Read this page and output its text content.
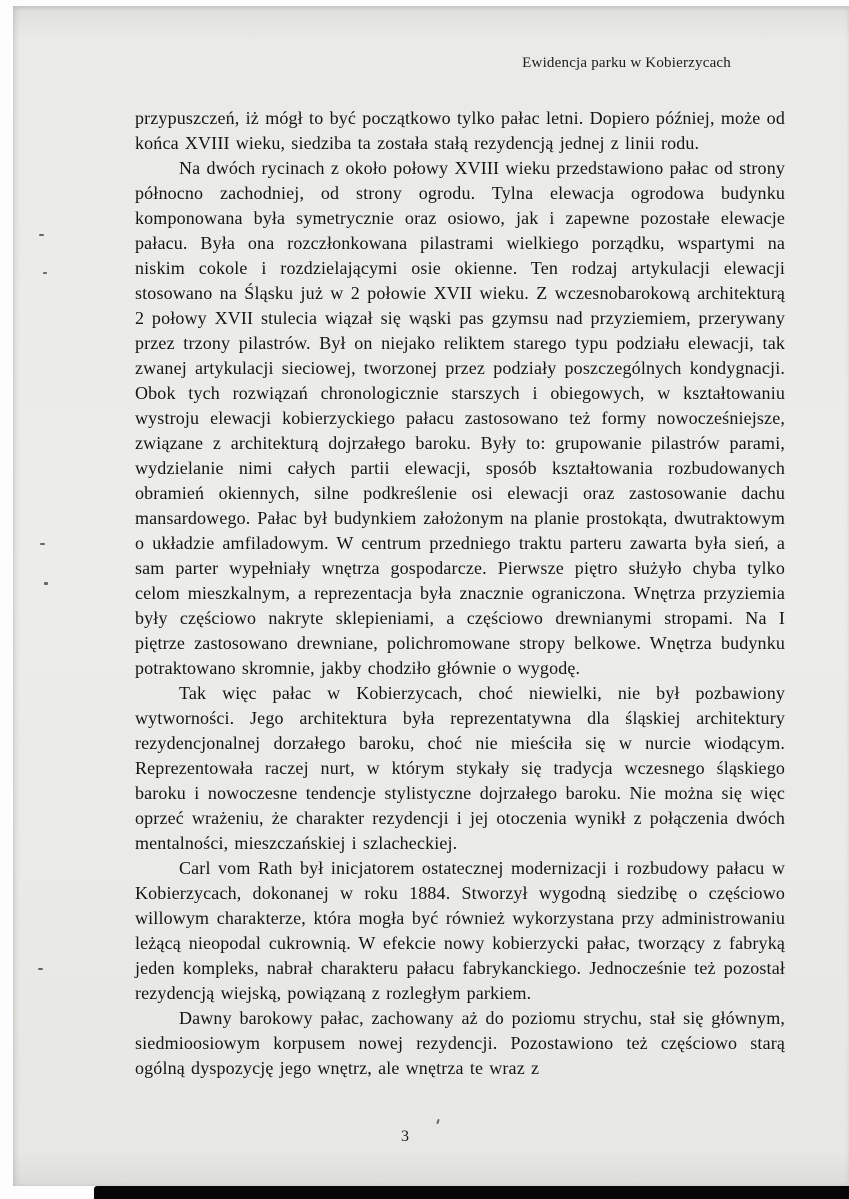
Ewidencja parku w Kobierzycach

przypuszczeń, iż mógł to być początkowo tylko pałac letni. Dopiero później, może od końca XVIII wieku, siedziba ta została stałą rezydencją jednej z linii rodu.

Na dwóch rycinach z około połowy XVIII wieku przedstawiono pałac od strony północno zachodniej, od strony ogrodu. Tylna elewacja ogrodowa budynku komponowana była symetrycznie oraz osiowo, jak i zapewne pozostałe elewacje pałacu. Była ona rozczłonkowana pilastrami wielkiego porządku, wspartymi na niskim cokole i rozdzielającymi osie okienne. Ten rodzaj artykulacji elewacji stosowano na Śląsku już w 2 połowie XVII wieku. Z wczesnobarokową architekturą 2 połowy XVII stulecia wiązał się wąski pas gzymsu nad przyziemiem, przerywany przez trzony pilastrów. Był on niejako reliktem starego typu podziału elewacji, tak zwanej artykulacji sieciowej, tworzonej przez podziały poszczególnych kondygnacji. Obok tych rozwiązań chronologicznie starszych i obiegowych, w kształtowaniu wystroju elewacji kobierzyckiego pałacu zastosowano też formy nowocześniejsze, związane z architekturą dojrzałego baroku. Były to: grupowanie pilastrów parami, wydzielanie nimi całych partii elewacji, sposób kształtowania rozbudowanych obramień okiennych, silne podkreślenie osi elewacji oraz zastosowanie dachu mansardowego. Pałac był budynkiem założonym na planie prostokąta, dwutraktowym o układzie amfiladowym. W centrum przedniego traktu parteru zawarta była sień, a sam parter wypełniały wnętrza gospodarcze. Pierwsze piętro służyło chyba tylko celom mieszkalnym, a reprezentacja była znacznie ograniczona. Wnętrza przyziemia były częściowo nakryte sklepieniami, a częściowo drewnianymi stropami. Na I piętrze zastosowano drewniane, polichromowane stropy belkowe. Wnętrza budynku potraktowano skromnie, jakby chodziło głównie o wygodę.

Tak więc pałac w Kobierzycach, choć niewielki, nie był pozbawiony wytworności. Jego architektura była reprezentatywna dla śląskiej architektury rezydencjonalnej dorzałego baroku, choć nie mieściła się w nurcie wiodącym. Reprezentowała raczej nurt, w którym stykały się tradycja wczesnego śląskiego baroku i nowoczesne tendencje stylistyczne dojrzałego baroku. Nie można się więc oprzeć wrażeniu, że charakter rezydencji i jej otoczenia wynikł z połączenia dwóch mentalności, mieszczańskiej i szlacheckiej.

Carl vom Rath był inicjatorem ostatecznej modernizacji i rozbudowy pałacu w Kobierzycach, dokonanej w roku 1884. Stworzył wygodną siedzibę o częściowo willowym charakterze, która mogła być również wykorzystana przy administrowaniu leżącą nieopodal cukrownią. W efekcie nowy kobierzycki pałac, tworzący z fabryką jeden kompleks, nabrał charakteru pałacu fabrykanckiego. Jednocześnie też pozostał rezydencją wiejską, powiązaną z rozległym parkiem.

Dawny barokowy pałac, zachowany aż do poziomu strychu, stał się głównym, siedmioosiowym korpusem nowej rezydencji. Pozostawiono też częściowo starą ogólną dyspozycję jego wnętrz, ale wnętrza te wraz z

3
